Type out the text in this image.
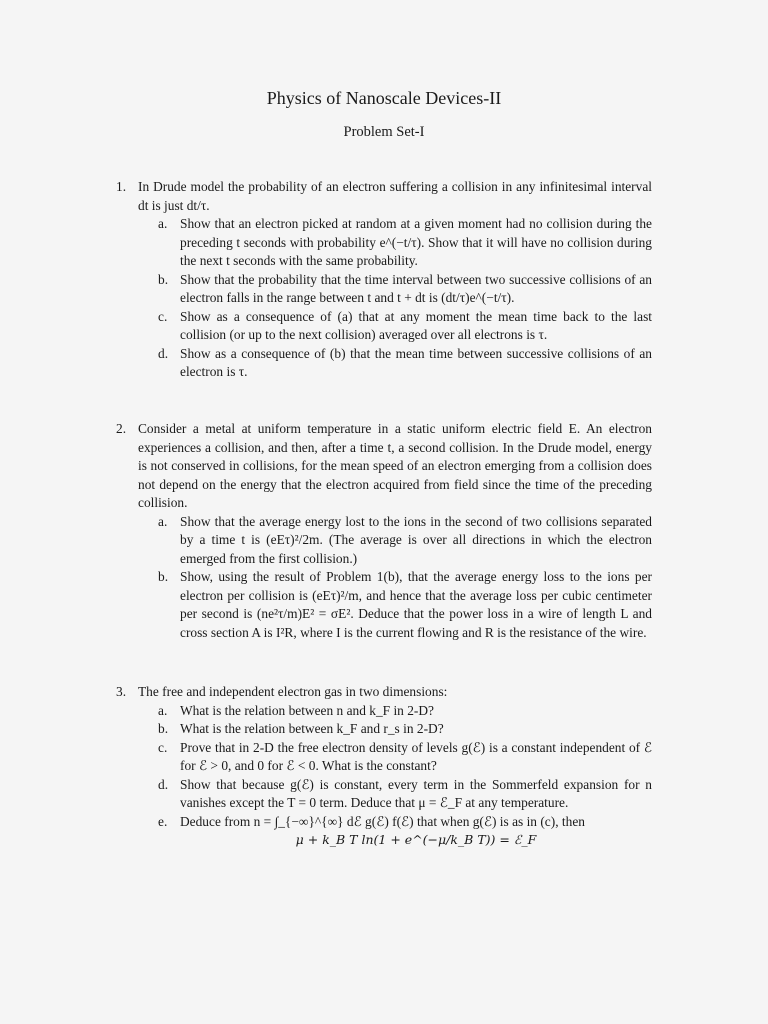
Physics of Nanoscale Devices-II
Problem Set-I
1. In Drude model the probability of an electron suffering a collision in any infinitesimal interval dt is just dt/τ.
a. Show that an electron picked at random at a given moment had no collision during the preceding t seconds with probability e^(−t/τ). Show that it will have no collision during the next t seconds with the same probability.
b. Show that the probability that the time interval between two successive collisions of an electron falls in the range between t and t + dt is (dt/τ)e^(−t/τ).
c. Show as a consequence of (a) that at any moment the mean time back to the last collision (or up to the next collision) averaged over all electrons is τ.
d. Show as a consequence of (b) that the mean time between successive collisions of an electron is τ.
2. Consider a metal at uniform temperature in a static uniform electric field E. An electron experiences a collision, and then, after a time t, a second collision. In the Drude model, energy is not conserved in collisions, for the mean speed of an electron emerging from a collision does not depend on the energy that the electron acquired from field since the time of the preceding collision.
a. Show that the average energy lost to the ions in the second of two collisions separated by a time t is (eEτ)²/2m. (The average is over all directions in which the electron emerged from the first collision.)
b. Show, using the result of Problem 1(b), that the average energy loss to the ions per electron per collision is (eEτ)²/m, and hence that the average loss per cubic centimeter per second is (ne²τ/m)E² = σE². Deduce that the power loss in a wire of length L and cross section A is I²R, where I is the current flowing and R is the resistance of the wire.
3. The free and independent electron gas in two dimensions:
a. What is the relation between n and k_F in 2-D?
b. What is the relation between k_F and r_s in 2-D?
c. Prove that in 2-D the free electron density of levels g(ℰ) is a constant independent of ℰ for ℰ > 0, and 0 for ℰ < 0. What is the constant?
d. Show that because g(ℰ) is constant, every term in the Sommerfeld expansion for n vanishes except the T = 0 term. Deduce that μ = ℰ_F at any temperature.
e. Deduce from n = ∫_{−∞}^{∞} dℰ g(ℰ) f(ℰ) that when g(ℰ) is as in (c), then
μ + k_B T ln(1 + e^(−μ/k_B T)) = ℰ_F
